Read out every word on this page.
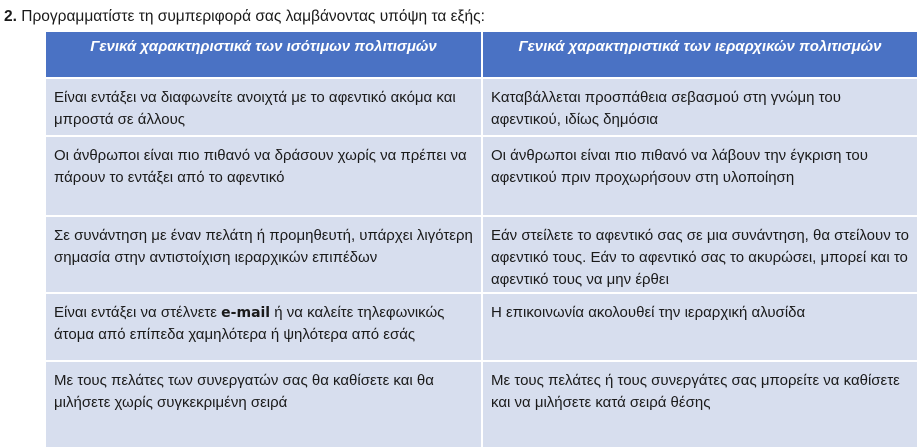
2. Προγραμματίστε τη συμπεριφορά σας λαμβάνοντας υπόψη τα εξής:
Γενικά χαρακτηριστικά των ισότιμων πολιτισμών	Γενικά χαρακτηριστικά των ιεραρχικών πολιτισμών
Είναι εντάξει να διαφωνείτε ανοιχτά με το αφεντικό ακόμα και μπροστά σε άλλους	Καταβάλλεται προσπάθεια σεβασμού στη γνώμη του αφεντικού, ιδίως δημόσια
Οι άνθρωποι είναι πιο πιθανό να δράσουν χωρίς να πρέπει να πάρουν το εντάξει από το αφεντικό	Οι άνθρωποι είναι πιο πιθανό να λάβουν την έγκριση του αφεντικού πριν προχωρήσουν στη υλοποίηση
Σε συνάντηση με έναν πελάτη ή προμηθευτή, υπάρχει λιγότερη σημασία στην αντιστοίχιση ιεραρχικών επιπέδων	Εάν στείλετε το αφεντικό σας σε μια συνάντηση, θα στείλουν το αφεντικό τους. Εάν το αφεντικό σας το ακυρώσει, μπορεί και το αφεντικό τους να μην έρθει
Είναι εντάξει να στέλνετε e-mail ή να καλείτε τηλεφωνικώς άτομα από επίπεδα χαμηλότερα ή ψηλότερα από εσάς	Η επικοινωνία ακολουθεί την ιεραρχική αλυσίδα
Με τους πελάτες των συνεργατών σας θα καθίσετε και θα μιλήσετε χωρίς συγκεκριμένη σειρά	Με τους πελάτες ή τους συνεργάτες σας μπορείτε να καθίσετε και να μιλήσετε κατά σειρά θέσης
